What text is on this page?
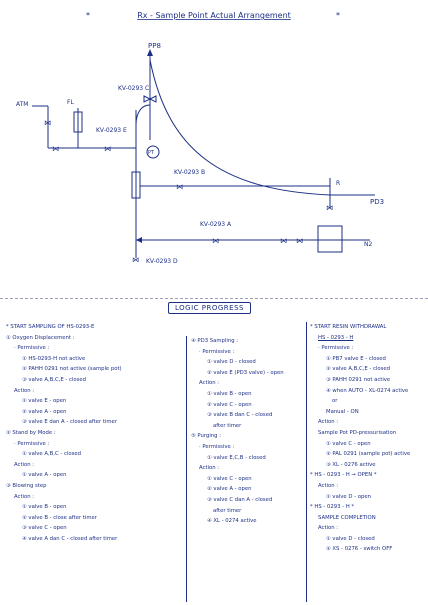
Rx - Sample Point Actual Arrangement
*	*
PP8
KV-0293 C
ATM
⋈
⋈
FL
KV-0293 E
⋈	PT
KV-0293 B
⋈
⋈
R
PD3
KV-0293 A
⋈	⋈ ⋈	N2
⋈ KV-0293 D
LOGIC PROGRESS
* START SAMPLING OF HS-0293-E
① Oxygen Displacement :
· Permissive :
① HS-0293-H not active
② PAHH 0291 not active (sample pot)
③ valve A,B,C,E - closed
Action :
① valve E - open
② valve A - open
③ valve E dan A - closed after timer
② Stand by Mode :
· Permissive :
① valve A,B,C - closed
Action :
① valve A - open
③ Blowing step
Action :
① valve B - open
② valve B - close after timer
③ valve C - open
④ valve A dan C - closed after timer
④ PD3 Sampling :
· Permissive :
① valve D - closed
② valve E (PD3 valve) - open
Action :
① valve B - open
② valve C - open
③ valve B dan C - closed
after timer
⑤ Purging :
· Permissive :
① valve E,C,B - closed
Action :
① valve C - open
② valve A - open
③ valve C dan A - closed
after timer
④ XL - 0274 active
* START RESIN WITHDRAWAL
HS - 0293 - H
· Permissive :
① PB7 valve E - closed
② valve A,B,C,E - closed
③ PAHH 0291 not active
④ when AUTO - XL-0274 active
or
Manual - ON
Action :
Sample Pot PD-pressurisation
① valve C - open
② PAL 0291 (sample pot) active
③ XL - 0276 active
* HS - 0293 - H → OPEN *
Action :
① valve D - open
* HS - 0293 - H *
SAMPLE COMPLETION
Action :
① valve D - closed
② XS - 0276 - switch OFF
